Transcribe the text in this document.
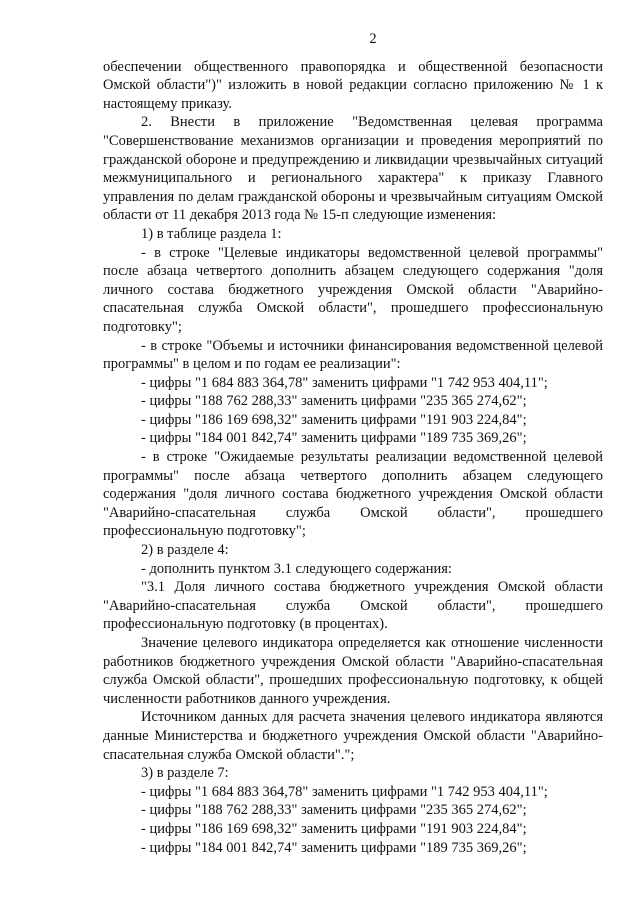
2

обеспечении общественного правопорядка и общественной безопасности Омской области")" изложить в новой редакции согласно приложению № 1 к настоящему приказу.

2. Внести в приложение "Ведомственная целевая программа "Совершенствование механизмов организации и проведения мероприятий по гражданской обороне и предупреждению и ликвидации чрезвычайных ситуаций межмуниципального и регионального характера" к приказу Главного управления по делам гражданской обороны и чрезвычайным ситуациям Омской области от 11 декабря 2013 года № 15-п следующие изменения:

1) в таблице раздела 1:

- в строке "Целевые индикаторы ведомственной целевой программы" после абзаца четвертого дополнить абзацем следующего содержания "доля личного состава бюджетного учреждения Омской области "Аварийно-спасательная служба Омской области", прошедшего профессиональную подготовку";

- в строке "Объемы и источники финансирования ведомственной целевой программы" в целом и по годам ее реализации":

- цифры "1 684 883 364,78" заменить цифрами "1 742 953 404,11";

- цифры "188 762 288,33" заменить цифрами "235 365 274,62";

- цифры "186 169 698,32" заменить цифрами "191 903 224,84";

- цифры "184 001 842,74" заменить цифрами "189 735 369,26";

- в строке "Ожидаемые результаты реализации ведомственной целевой программы" после абзаца четвертого дополнить абзацем следующего содержания "доля личного состава бюджетного учреждения Омской области "Аварийно-спасательная служба Омской области", прошедшего профессиональную подготовку";

2) в разделе 4:

- дополнить пунктом 3.1 следующего содержания:

"3.1 Доля личного состава бюджетного учреждения Омской области "Аварийно-спасательная служба Омской области", прошедшего профессиональную подготовку (в процентах).

Значение целевого индикатора определяется как отношение численности работников бюджетного учреждения Омской области "Аварийно-спасательная служба Омской области", прошедших профессиональную подготовку, к общей численности работников данного учреждения.

Источником данных для расчета значения целевого индикатора являются данные Министерства и бюджетного учреждения Омской области "Аварийно-спасательная служба Омской области".";

3) в разделе 7:

- цифры "1 684 883 364,78" заменить цифрами "1 742 953 404,11";

- цифры "188 762 288,33" заменить цифрами "235 365 274,62";

- цифры "186 169 698,32" заменить цифрами "191 903 224,84";

- цифры "184 001 842,74" заменить цифрами "189 735 369,26";
